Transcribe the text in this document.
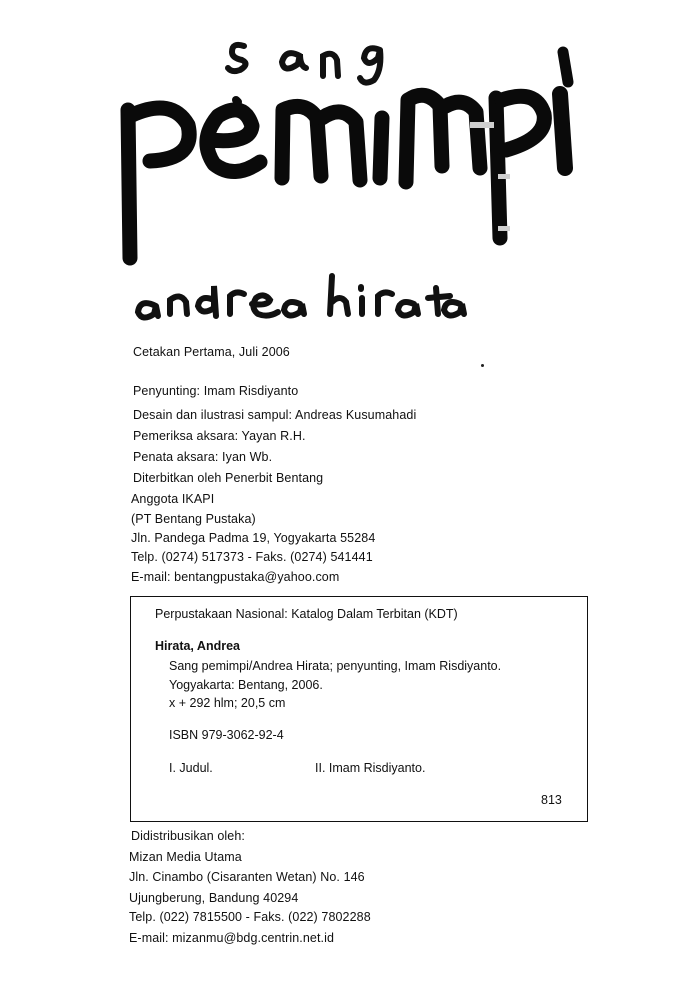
Cetakan Pertama, Juli 2006
Penyunting: Imam Risdiyanto
Desain dan ilustrasi sampul: Andreas Kusumahadi
Pemeriksa aksara: Yayan R.H.
Penata aksara: Iyan Wb.
Diterbitkan oleh Penerbit Bentang
Anggota IKAPI
(PT Bentang Pustaka)
Jln. Pandega Padma 19, Yogyakarta 55284
Telp. (0274) 517373 - Faks. (0274) 541441
E-mail: bentangpustaka@yahoo.com
Perpustakaan Nasional: Katalog Dalam Terbitan (KDT)
Hirata, Andrea
Sang pemimpi/Andrea Hirata; penyunting, Imam Risdiyanto.
Yogyakarta: Bentang, 2006.
x + 292 hlm; 20,5 cm
ISBN 979-3062-92-4
I. Judul.	II. Imam Risdiyanto.
813
Didistribusikan oleh:
Mizan Media Utama
Jln. Cinambo (Cisaranten Wetan) No. 146
Ujungberung, Bandung 40294
Telp. (022) 7815500 - Faks. (022) 7802288
E-mail: mizanmu@bdg.centrin.net.id
